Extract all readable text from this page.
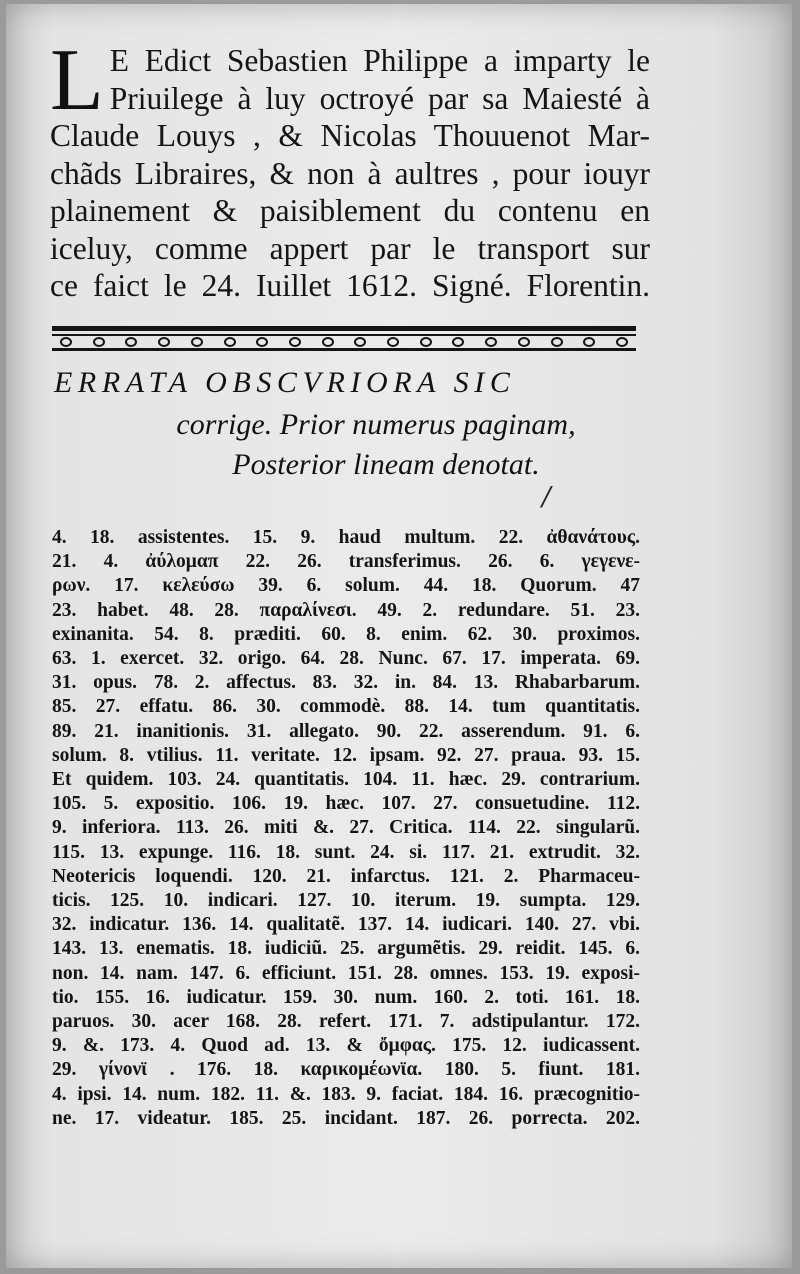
L E Edict Sebastien Philippe a imparty le
Priuilege à luy octroyé par sa Maiesté à
Claude Louys , & Nicolas Thouuenot Mar-
chãds Libraires, & non à aultres , pour iouyr
plainement & paisiblement du contenu en
iceluy, comme appert par le transport sur
ce faict le 24. Iuillet 1612. Signé. Florentin.
ERRATA OBSCVRIORA SIC
corrige. Prior numerus paginam,
Posterior lineam denotat.
/
4. 18. assistentes. 15. 9. haud multum. 22. ἀθανάτους.
21. 4. ἀύλομαπ 22. 26. transferimus. 26. 6. γεγενε-
ρων. 17. κελεύσω 39. 6. solum. 44. 18. Quorum. 47
23. habet. 48. 28. παραλίνεσι. 49. 2. redundare. 51. 23.
exinanita. 54. 8. præditi. 60. 8. enim. 62. 30. proximos.
63. 1. exercet. 32. origo. 64. 28. Nunc. 67. 17. imperata. 69.
31. opus. 78. 2. affectus. 83. 32. in. 84. 13. Rhabarbarum.
85. 27. effatu. 86. 30. commodè. 88. 14. tum quantitatis.
89. 21. inanitionis. 31. allegato. 90. 22. asserendum. 91. 6.
solum. 8. vtilius. 11. veritate. 12. ipsam. 92. 27. praua. 93. 15.
Et quidem. 103. 24. quantitatis. 104. 11. hæc. 29. contrarium.
105. 5. expositio. 106. 19. hæc. 107. 27. consuetudine. 112.
9. inferiora. 113. 26. miti &. 27. Critica. 114. 22. singularũ.
115. 13. expunge. 116. 18. sunt. 24. si. 117. 21. extrudit. 32.
Neotericis loquendi. 120. 21. infarctus. 121. 2. Pharmaceu-
ticis. 125. 10. indicari. 127. 10. iterum. 19. sumpta. 129.
32. indicatur. 136. 14. qualitatẽ. 137. 14. iudicari. 140. 27. vbi.
143. 13. enematis. 18. iudiciũ. 25. argumẽtis. 29. reidit. 145. 6.
non. 14. nam. 147. 6. efficiunt. 151. 28. omnes. 153. 19. exposi-
tio. 155. 16. iudicatur. 159. 30. num. 160. 2. toti. 161. 18.
paruos. 30. acer 168. 28. refert. 171. 7. adstipulantur. 172.
9. &. 173. 4. Quod ad. 13. & ὄμφας. 175. 12. iudicassent.
29. γίνονϊ . 176. 18. καρικομέωνϊα. 180. 5. fiunt. 181.
4. ipsi. 14. num. 182. 11. &. 183. 9. faciat. 184. 16. præcognitio-
ne. 17. videatur. 185. 25. incidant. 187. 26. porrecta. 202.
